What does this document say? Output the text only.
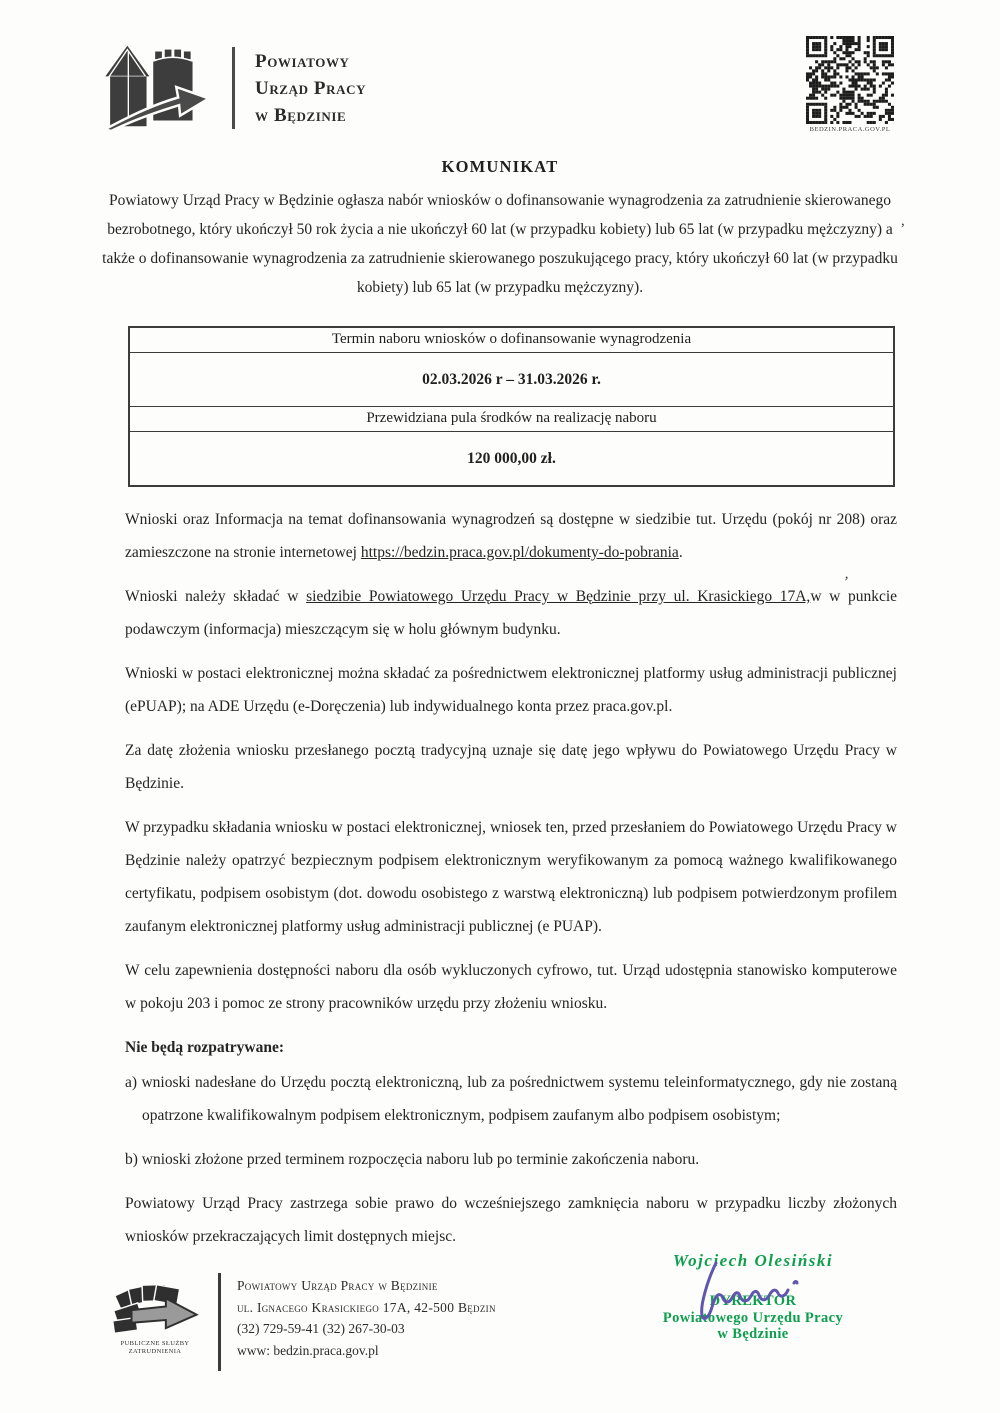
Powiatowy
Urząd Pracy
w Będzinie
BEDZIN.PRACA.GOV.PL
KOMUNIKAT
Powiatowy Urząd Pracy w Będzinie ogłasza nabór wniosków o dofinansowanie wynagrodzenia za zatrudnienie skierowanego bezrobotnego, który ukończył 50 rok życia a nie ukończył 60 lat (w przypadku kobiety) lub 65 lat (w przypadku mężczyzny) a także o dofinansowanie wynagrodzenia za zatrudnienie skierowanego poszukującego pracy, który ukończył 60 lat (w przypadku kobiety) lub 65 lat (w przypadku mężczyzny).
Termin naboru wniosków o dofinansowanie wynagrodzenia
02.03.2026 r – 31.03.2026 r.
Przewidziana pula środków na realizację naboru
120 000,00 zł.

Wnioski oraz Informacja na temat dofinansowania wynagrodzeń są dostępne w siedzibie tut. Urzędu (pokój nr 208) oraz zamieszczone na stronie internetowej https://bedzin.praca.gov.pl/dokumenty-do-pobrania.

Wnioski należy składać w siedzibie Powiatowego Urzędu Pracy w Będzinie przy ul. Krasickiego 17A,w w punkcie podawczym (informacja) mieszczącym się w holu głównym budynku.

Wnioski w postaci elektronicznej można składać za pośrednictwem elektronicznej platformy usług administracji publicznej (ePUAP); na ADE Urzędu (e-Doręczenia) lub indywidualnego konta przez praca.gov.pl.

Za datę złożenia wniosku przesłanego pocztą tradycyjną uznaje się datę jego wpływu do Powiatowego Urzędu Pracy w Będzinie.

W przypadku składania wniosku w postaci elektronicznej, wniosek ten, przed przesłaniem do Powiatowego Urzędu Pracy w Będzinie należy opatrzyć bezpiecznym podpisem elektronicznym weryfikowanym za pomocą ważnego kwalifikowanego certyfikatu, podpisem osobistym (dot. dowodu osobistego z warstwą elektroniczną) lub podpisem potwierdzonym profilem zaufanym elektronicznej platformy usług administracji publicznej (e PUAP).

W celu zapewnienia dostępności naboru dla osób wykluczonych cyfrowo, tut. Urząd udostępnia stanowisko komputerowe w pokoju 203 i pomoc ze strony pracowników urzędu przy złożeniu wniosku.

Nie będą rozpatrywane:

a) wnioski nadesłane do Urzędu pocztą elektroniczną, lub za pośrednictwem systemu teleinformatycznego, gdy nie zostaną opatrzone kwalifikowalnym podpisem elektronicznym, podpisem zaufanym albo podpisem osobistym;

b) wnioski złożone przed terminem rozpoczęcia naboru lub po terminie zakończenia naboru.

Powiatowy Urząd Pracy zastrzega sobie prawo do wcześniejszego zamknięcia naboru w przypadku liczby złożonych wniosków przekraczających limit dostępnych miejsc.

PUBLICZNE SŁUŻBY
ZATRUDNIENIA
Powiatowy Urząd Pracy w Będzinie
ul. Ignacego Krasickiego 17A, 42-500 Będzin
(32) 729-59-41 (32) 267-30-03
www: bedzin.praca.gov.pl
Wojciech Olesiński
DYREKTOR
Powiatowego Urzędu Pracy
w Będzinie
,
’
